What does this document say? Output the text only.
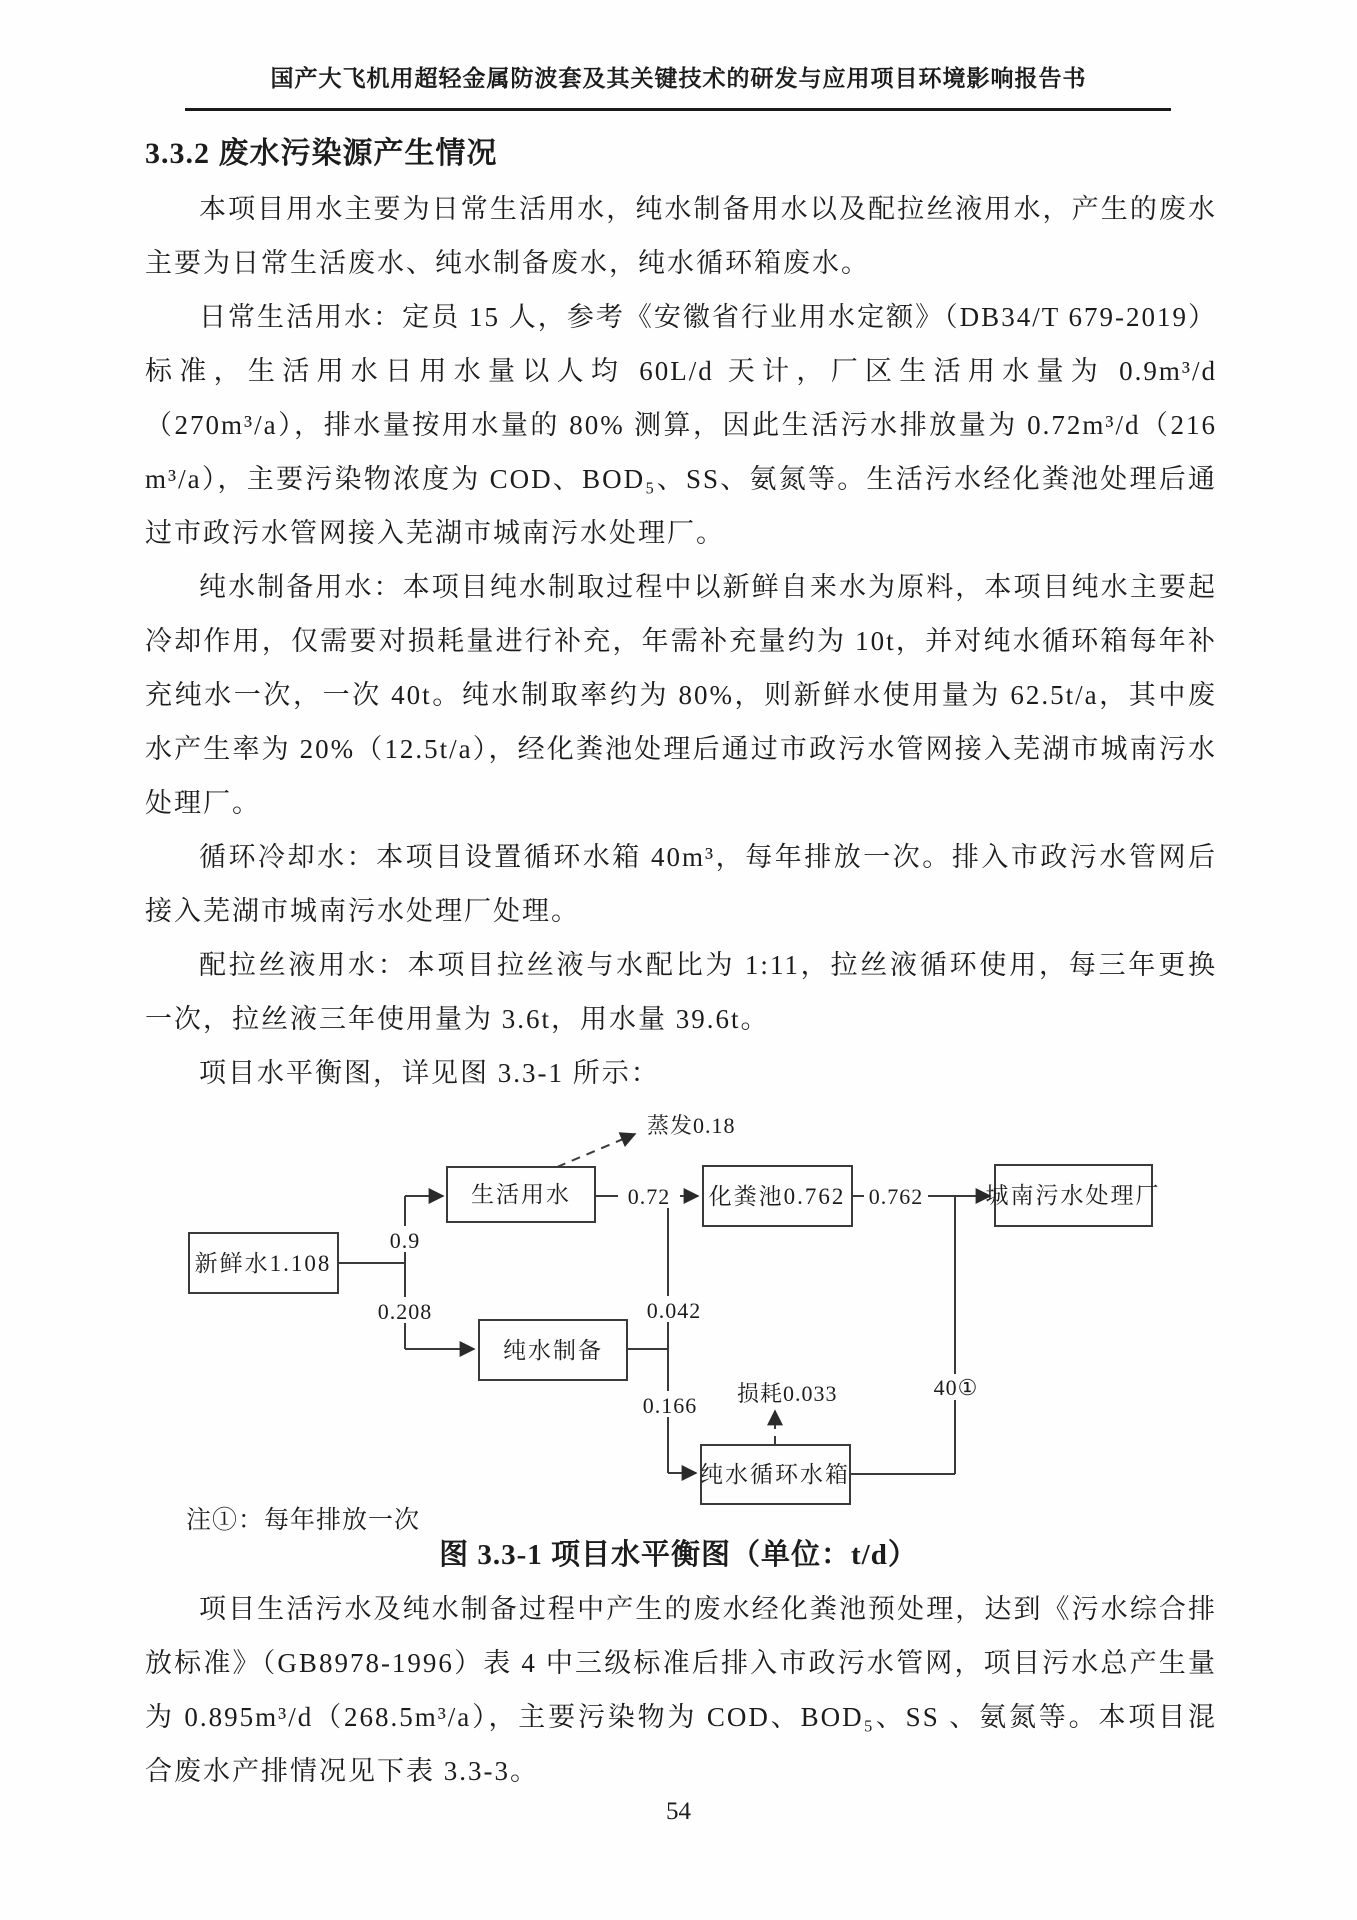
国产大飞机用超轻金属防波套及其关键技术的研发与应用项目环境影响报告书
3.3.2 废水污染源产生情况

本项目用水主要为日常生活用水，纯水制备用水以及配拉丝液用水，产生的废水主要为日常生活废水、纯水制备废水，纯水循环箱废水。

日常生活用水：定员 15 人，参考《安徽省行业用水定额》（DB34/T 679-2019）标准，生活用水日用水量以人均 60L/d 天计，厂区生活用水量为 0.9m³/d（270m³/a），排水量按用水量的 80% 测算，因此生活污水排放量为 0.72m³/d（216 m³/a），主要污染物浓度为 COD、BOD₅、SS、氨氮等。生活污水经化粪池处理后通过市政污水管网接入芜湖市城南污水处理厂。

纯水制备用水：本项目纯水制取过程中以新鲜自来水为原料，本项目纯水主要起冷却作用，仅需要对损耗量进行补充，年需补充量约为 10t，并对纯水循环箱每年补充纯水一次，一次 40t。纯水制取率约为 80%，则新鲜水使用量为 62.5t/a，其中废水产生率为 20%（12.5t/a），经化粪池处理后通过市政污水管网接入芜湖市城南污水处理厂。

循环冷却水：本项目设置循环水箱 40m³，每年排放一次。排入市政污水管网后接入芜湖市城南污水处理厂处理。

配拉丝液用水：本项目拉丝液与水配比为 1:11，拉丝液循环使用，每三年更换一次，拉丝液三年使用量为 3.6t，用水量 39.6t。

项目水平衡图，详见图 3.3-1 所示：

蒸发0.18
0.72	0.762
0.9
0.208	0.042
0.166 损耗0.033	40①
新鲜水1.108
生活用水	化粪池0.762	城南污水处理厂
纯水制备
纯水循环水箱
注①：每年排放一次
图 3.3-1 项目水平衡图（单位：t/d）

项目生活污水及纯水制备过程中产生的废水经化粪池预处理，达到《污水综合排放标准》（GB8978-1996）表 4 中三级标准后排入市政污水管网，项目污水总产生量为 0.895m³/d（268.5m³/a），主要污染物为 COD、BOD₅、SS 、氨氮等。本项目混合废水产排情况见下表 3.3-3。

54
